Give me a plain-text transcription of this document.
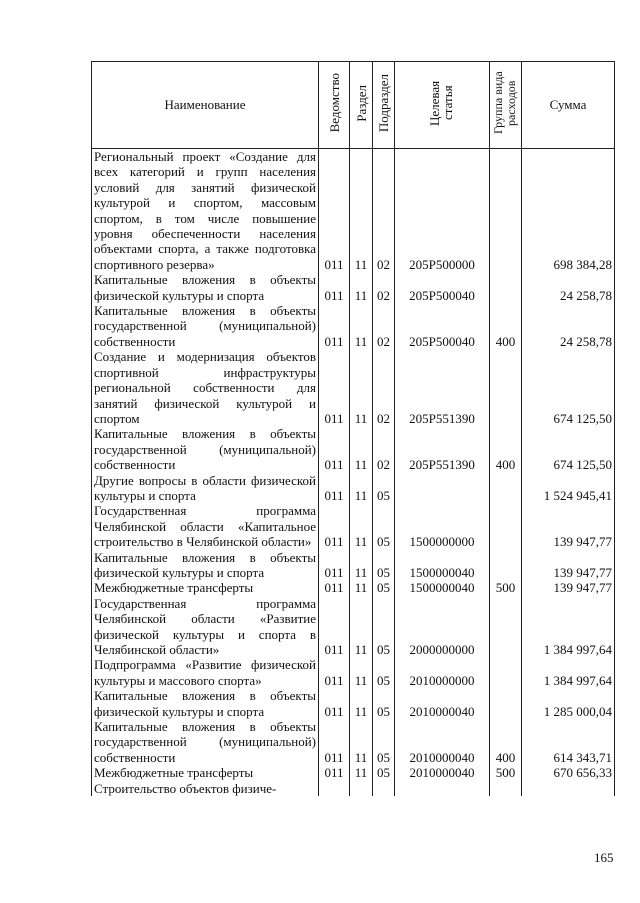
Наименование	Ведомство	Раздел	Подраздел	Целевая статья	Группа вида расходов	Сумма
Региональный проект «Создание для всех категорий и групп населения условий для занятий физической культурой и спортом, массовым спортом, в том числе повышение уровня обеспеченности населения объектами спорта, а также подготовка спортивного резерва»	011	11	02	205P500000		698 384,28
Капитальные вложения в объекты физической культуры и спорта	011	11	02	205P500040		24 258,78
Капитальные вложения в объекты государственной (муниципальной) собственности	011	11	02	205P500040	400	24 258,78
Создание и модернизация объектов спортивной инфраструктуры региональной собственности для занятий физической культурой и спортом	011	11	02	205P551390		674 125,50
Капитальные вложения в объекты государственной (муниципальной) собственности	011	11	02	205P551390	400	674 125,50
Другие вопросы в области физической культуры и спорта	011	11	05			1 524 945,41
Государственная программа Челябинской области «Капитальное строительство в Челябинской области»	011	11	05	1500000000		139 947,77
Капитальные вложения в объекты физической культуры и спорта	011	11	05	1500000040		139 947,77
Межбюджетные трансферты	011	11	05	1500000040	500	139 947,77
Государственная программа Челябинской области «Развитие физической культуры и спорта в Челябинской области»	011	11	05	2000000000		1 384 997,64
Подпрограмма «Развитие физической культуры и массового спорта»	011	11	05	2010000000		1 384 997,64
Капитальные вложения в объекты физической культуры и спорта	011	11	05	2010000040		1 285 000,04
Капитальные вложения в объекты государственной (муниципальной) собственности	011	11	05	2010000040	400	614 343,71
Межбюджетные трансферты	011	11	05	2010000040	500	670 656,33
Строительство объектов физиче-						
165
